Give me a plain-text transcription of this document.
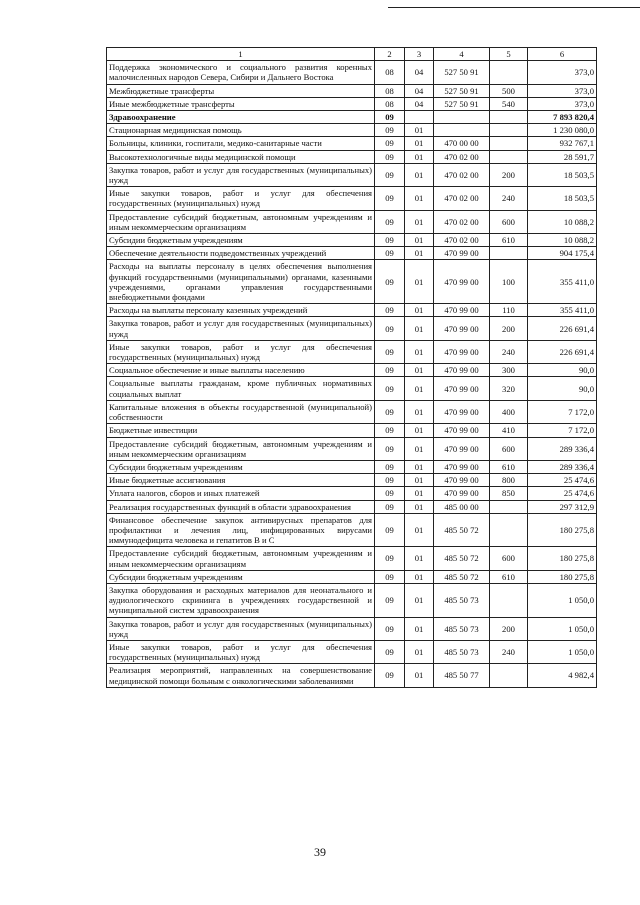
1	2	3	4	5	6
Поддержка экономического и социального развития коренных малочисленных народов Севера, Сибири и Дальнего Востока	08	04	527 50 91		373,0
Межбюджетные трансферты	08	04	527 50 91	500	373,0
Иные межбюджетные трансферты	08	04	527 50 91	540	373,0
Здравоохранение	09				7 893 820,4
Стационарная медицинская помощь	09	01			1 230 080,0
Больницы, клиники, госпитали, медико-санитарные части	09	01	470 00 00		932 767,1
Высокотехнологичные виды медицинской помощи	09	01	470 02 00		28 591,7
Закупка товаров, работ и услуг для государственных (муниципальных) нужд	09	01	470 02 00	200	18 503,5
Иные закупки товаров, работ и услуг для обеспечения государственных (муниципальных) нужд	09	01	470 02 00	240	18 503,5
Предоставление субсидий бюджетным, автономным учреждениям и иным некоммерческим организациям	09	01	470 02 00	600	10 088,2
Субсидии бюджетным учреждениям	09	01	470 02 00	610	10 088,2
Обеспечение деятельности подведомственных учреждений	09	01	470 99 00		904 175,4
Расходы на выплаты персоналу в целях обеспечения выполнения функций государственными (муниципальными) органами, казенными учреждениями, органами управления государственными внебюджетными фондами	09	01	470 99 00	100	355 411,0
Расходы на выплаты персоналу казенных учреждений	09	01	470 99 00	110	355 411,0
Закупка товаров, работ и услуг для государственных (муниципальных) нужд	09	01	470 99 00	200	226 691,4
Иные закупки товаров, работ и услуг для обеспечения государственных (муниципальных) нужд	09	01	470 99 00	240	226 691,4
Социальное обеспечение и иные выплаты населению	09	01	470 99 00	300	90,0
Социальные выплаты гражданам, кроме публичных нормативных социальных выплат	09	01	470 99 00	320	90,0
Капитальные вложения в объекты государственной (муниципальной) собственности	09	01	470 99 00	400	7 172,0
Бюджетные инвестиции	09	01	470 99 00	410	7 172,0
Предоставление субсидий бюджетным, автономным учреждениям и иным некоммерческим организациям	09	01	470 99 00	600	289 336,4
Субсидии бюджетным учреждениям	09	01	470 99 00	610	289 336,4
Иные бюджетные ассигнования	09	01	470 99 00	800	25 474,6
Уплата налогов, сборов и иных платежей	09	01	470 99 00	850	25 474,6
Реализация государственных функций в области здравоохранения	09	01	485 00 00		297 312,9
Финансовое обеспечение закупок антивирусных препаратов для профилактики и лечения лиц, инфицированных вирусами иммунодефицита человека и гепатитов В и С	09	01	485 50 72		180 275,8
Предоставление субсидий бюджетным, автономным учреждениям и иным некоммерческим организациям	09	01	485 50 72	600	180 275,8
Субсидии бюджетным учреждениям	09	01	485 50 72	610	180 275,8
Закупка оборудования и расходных материалов для неонатального и аудиологического скрининга в учреждениях государственной и муниципальной систем здравоохранения	09	01	485 50 73		1 050,0
Закупка товаров, работ и услуг для государственных (муниципальных) нужд	09	01	485 50 73	200	1 050,0
Иные закупки товаров, работ и услуг для обеспечения государственных (муниципальных) нужд	09	01	485 50 73	240	1 050,0
Реализация мероприятий, направленных на совершенствование медицинской помощи больным с онкологическими заболеваниями	09	01	485 50 77		4 982,4
39
